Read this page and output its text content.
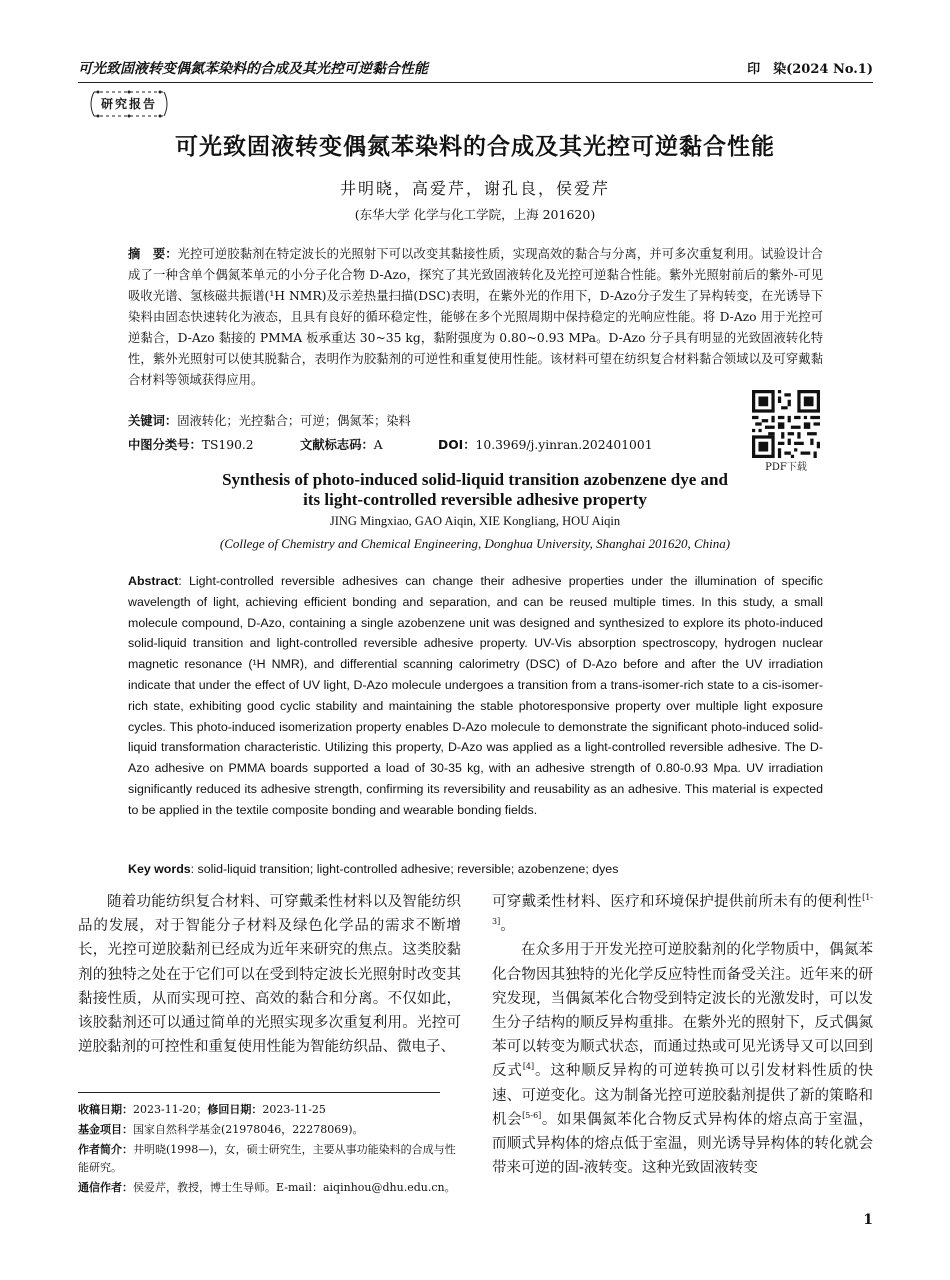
可光致固液转变偶氮苯染料的合成及其光控可逆黏合性能	印　染(2024 No.1)
研究报告
可光致固液转变偶氮苯染料的合成及其光控可逆黏合性能
井明晓，高爱芹，谢孔良，侯爱芹
(东华大学 化学与化工学院，上海 201620)
摘　要：光控可逆胶黏剂在特定波长的光照射下可以改变其黏接性质，实现高效的黏合与分离，并可多次重复利用。试验设计合成了一种含单个偶氮苯单元的小分子化合物 D-Azo，探究了其光致固液转化及光控可逆黏合性能。紫外光照射前后的紫外-可见吸收光谱、氢核磁共振谱(¹H NMR)及示差热量扫描(DSC)表明，在紫外光的作用下，D-Azo分子发生了异构转变，在光诱导下染料由固态快速转化为液态，且具有良好的循环稳定性，能够在多个光照周期中保持稳定的光响应性能。将 D-Azo 用于光控可逆黏合，D-Azo 黏接的 PMMA 板承重达 30~35 kg，黏附强度为 0.80~0.93 MPa。D-Azo 分子具有明显的光致固液转化特性，紫外光照射可以使其脱黏合，表明作为胶黏剂的可逆性和重复使用性能。该材料可望在纺织复合材料黏合领域以及可穿戴黏合材料等领域获得应用。
关键词：固液转化；光控黏合；可逆；偶氮苯；染料
中图分类号：TS190.2	文献标志码：A	DOI：10.3969/j.yinran.202401001
PDF下载
Synthesis of photo-induced solid-liquid transition azobenzene dye and
its light-controlled reversible adhesive property
JING Mingxiao, GAO Aiqin, XIE Kongliang, HOU Aiqin
(College of Chemistry and Chemical Engineering, Donghua University, Shanghai 201620, China)
Abstract: Light-controlled reversible adhesives can change their adhesive properties under the illumination of specific wavelength of light, achieving efficient bonding and separation, and can be reused multiple times. In this study, a small molecule compound, D-Azo, containing a single azobenzene unit was designed and synthesized to explore its photo-induced solid-liquid transition and light-controlled reversible adhesive property. UV-Vis absorption spectroscopy, hydrogen nuclear magnetic resonance (¹H NMR), and differential scanning calorimetry (DSC) of D-Azo before and after the UV irradiation indicate that under the effect of UV light, D-Azo molecule undergoes a transition from a trans-isomer-rich state to a cis-isomer-rich state, exhibiting good cyclic stability and maintaining the stable photoresponsive property over multiple light exposure cycles. This photo-induced isomerization property enables D-Azo molecule to demonstrate the significant photo-induced solid-liquid transformation characteristic. Utilizing this property, D-Azo was applied as a light-controlled reversible adhesive. The D-Azo adhesive on PMMA boards supported a load of 30-35 kg, with an adhesive strength of 0.80-0.93 Mpa. UV irradiation significantly reduced its adhesive strength, confirming its reversibility and reusability as an adhesive. This material is expected to be applied in the textile composite bonding and wearable bonding fields.
Key words: solid-liquid transition; light-controlled adhesive; reversible; azobenzene; dyes

随着功能纺织复合材料、可穿戴柔性材料以及智能纺织品的发展，对于智能分子材料及绿色化学品的需求不断增长，光控可逆胶黏剂已经成为近年来研究的焦点。这类胶黏剂的独特之处在于它们可以在受到特定波长光照射时改变其黏接性质，从而实现可控、高效的黏合和分离。不仅如此，该胶黏剂还可以通过简单的光照实现多次重复利用。光控可逆胶黏剂的可控性和重复使用性能为智能纺织品、微电子、

可穿戴柔性材料、医疗和环境保护提供前所未有的便利性[1-3]。

在众多用于开发光控可逆胶黏剂的化学物质中，偶氮苯化合物因其独特的光化学反应特性而备受关注。近年来的研究发现，当偶氮苯化合物受到特定波长的光激发时，可以发生分子结构的顺反异构重排。在紫外光的照射下，反式偶氮苯可以转变为顺式状态，而通过热或可见光诱导又可以回到反式[4]。这种顺反异构的可逆转换可以引发材料性质的快速、可逆变化。这为制备光控可逆胶黏剂提供了新的策略和机会[5-6]。如果偶氮苯化合物反式异构体的熔点高于室温，而顺式异构体的熔点低于室温，则光诱导异构体的转化就会带来可逆的固-液转变。这种光致固液转变

收稿日期：2023-11-20；修回日期：2023-11-25
基金项目：国家自然科学基金(21978046，22278069)。
作者简介：井明晓(1998—)，女，硕士研究生，主要从事功能染料的合成与性能研究。
通信作者：侯爱芹，教授，博士生导师。E-mail：aiqinhou@dhu.edu.cn。
1
